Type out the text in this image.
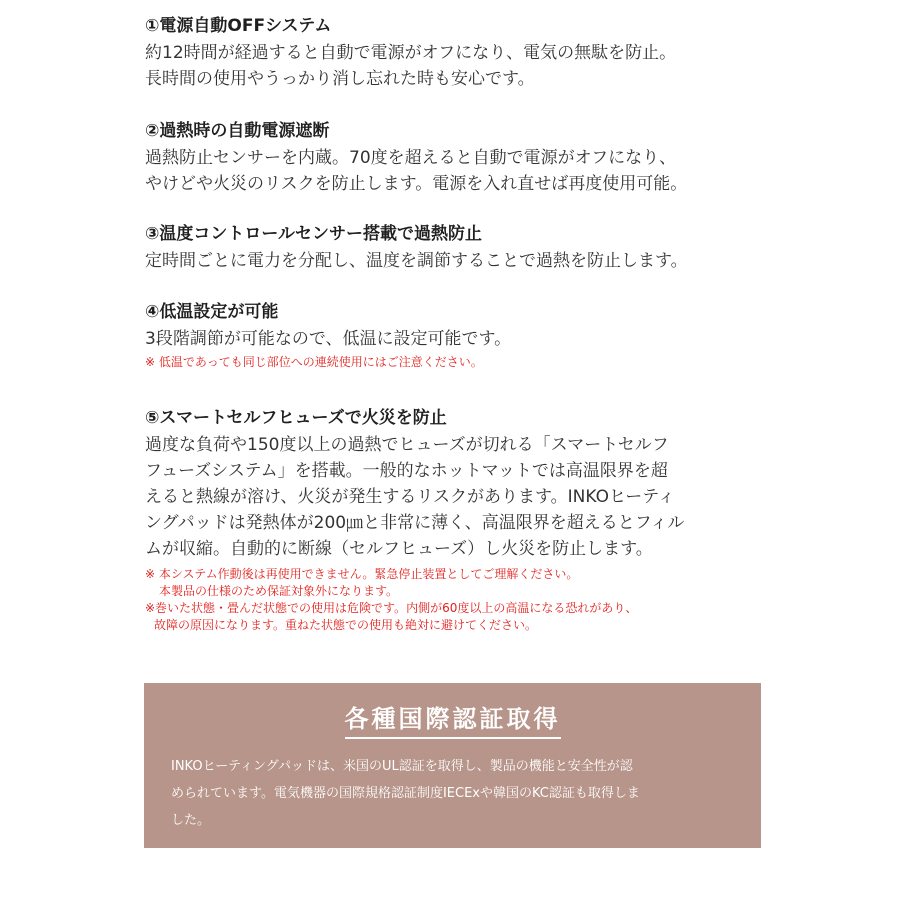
①電源自動OFFシステム
約12時間が経過すると自動で電源がオフになり、電気の無駄を防止。
長時間の使用やうっかり消し忘れた時も安心です。
②過熱時の自動電源遮断
過熱防止センサーを内蔵。70度を超えると自動で電源がオフになり、
やけどや火災のリスクを防止します。電源を入れ直せば再度使用可能。
③温度コントロールセンサー搭載で過熱防止
定時間ごとに電力を分配し、温度を調節することで過熱を防止します。
④低温設定が可能
3段階調節が可能なので、低温に設定可能です。
※ 低温であっても同じ部位への連続使用にはご注意ください。
⑤スマートセルフヒューズで火災を防止
過度な負荷や150度以上の過熱でヒューズが切れる「スマートセルフ
フューズシステム」を搭載。一般的なホットマットでは高温限界を超
えると熱線が溶け、火災が発生するリスクがあります。INKOヒーティ
ングパッドは発熱体が200㎛と非常に薄く、高温限界を超えるとフィル
ムが収縮。自動的に断線（セルフヒューズ）し火災を防止します。
※ 本システム作動後は再使用できません。緊急停止装置としてご理解ください。
本製品の仕様のため保証対象外になります。
※巻いた状態・畳んだ状態での使用は危険です。内側が60度以上の高温になる恐れがあり、
故障の原因になります。重ねた状態での使用も絶対に避けてください。
各種国際認証取得
INKOヒーティングパッドは、米国のUL認証を取得し、製品の機能と安全性が認
められています。電気機器の国際規格認証制度IECExや韓国のKC認証も取得しま
した。
